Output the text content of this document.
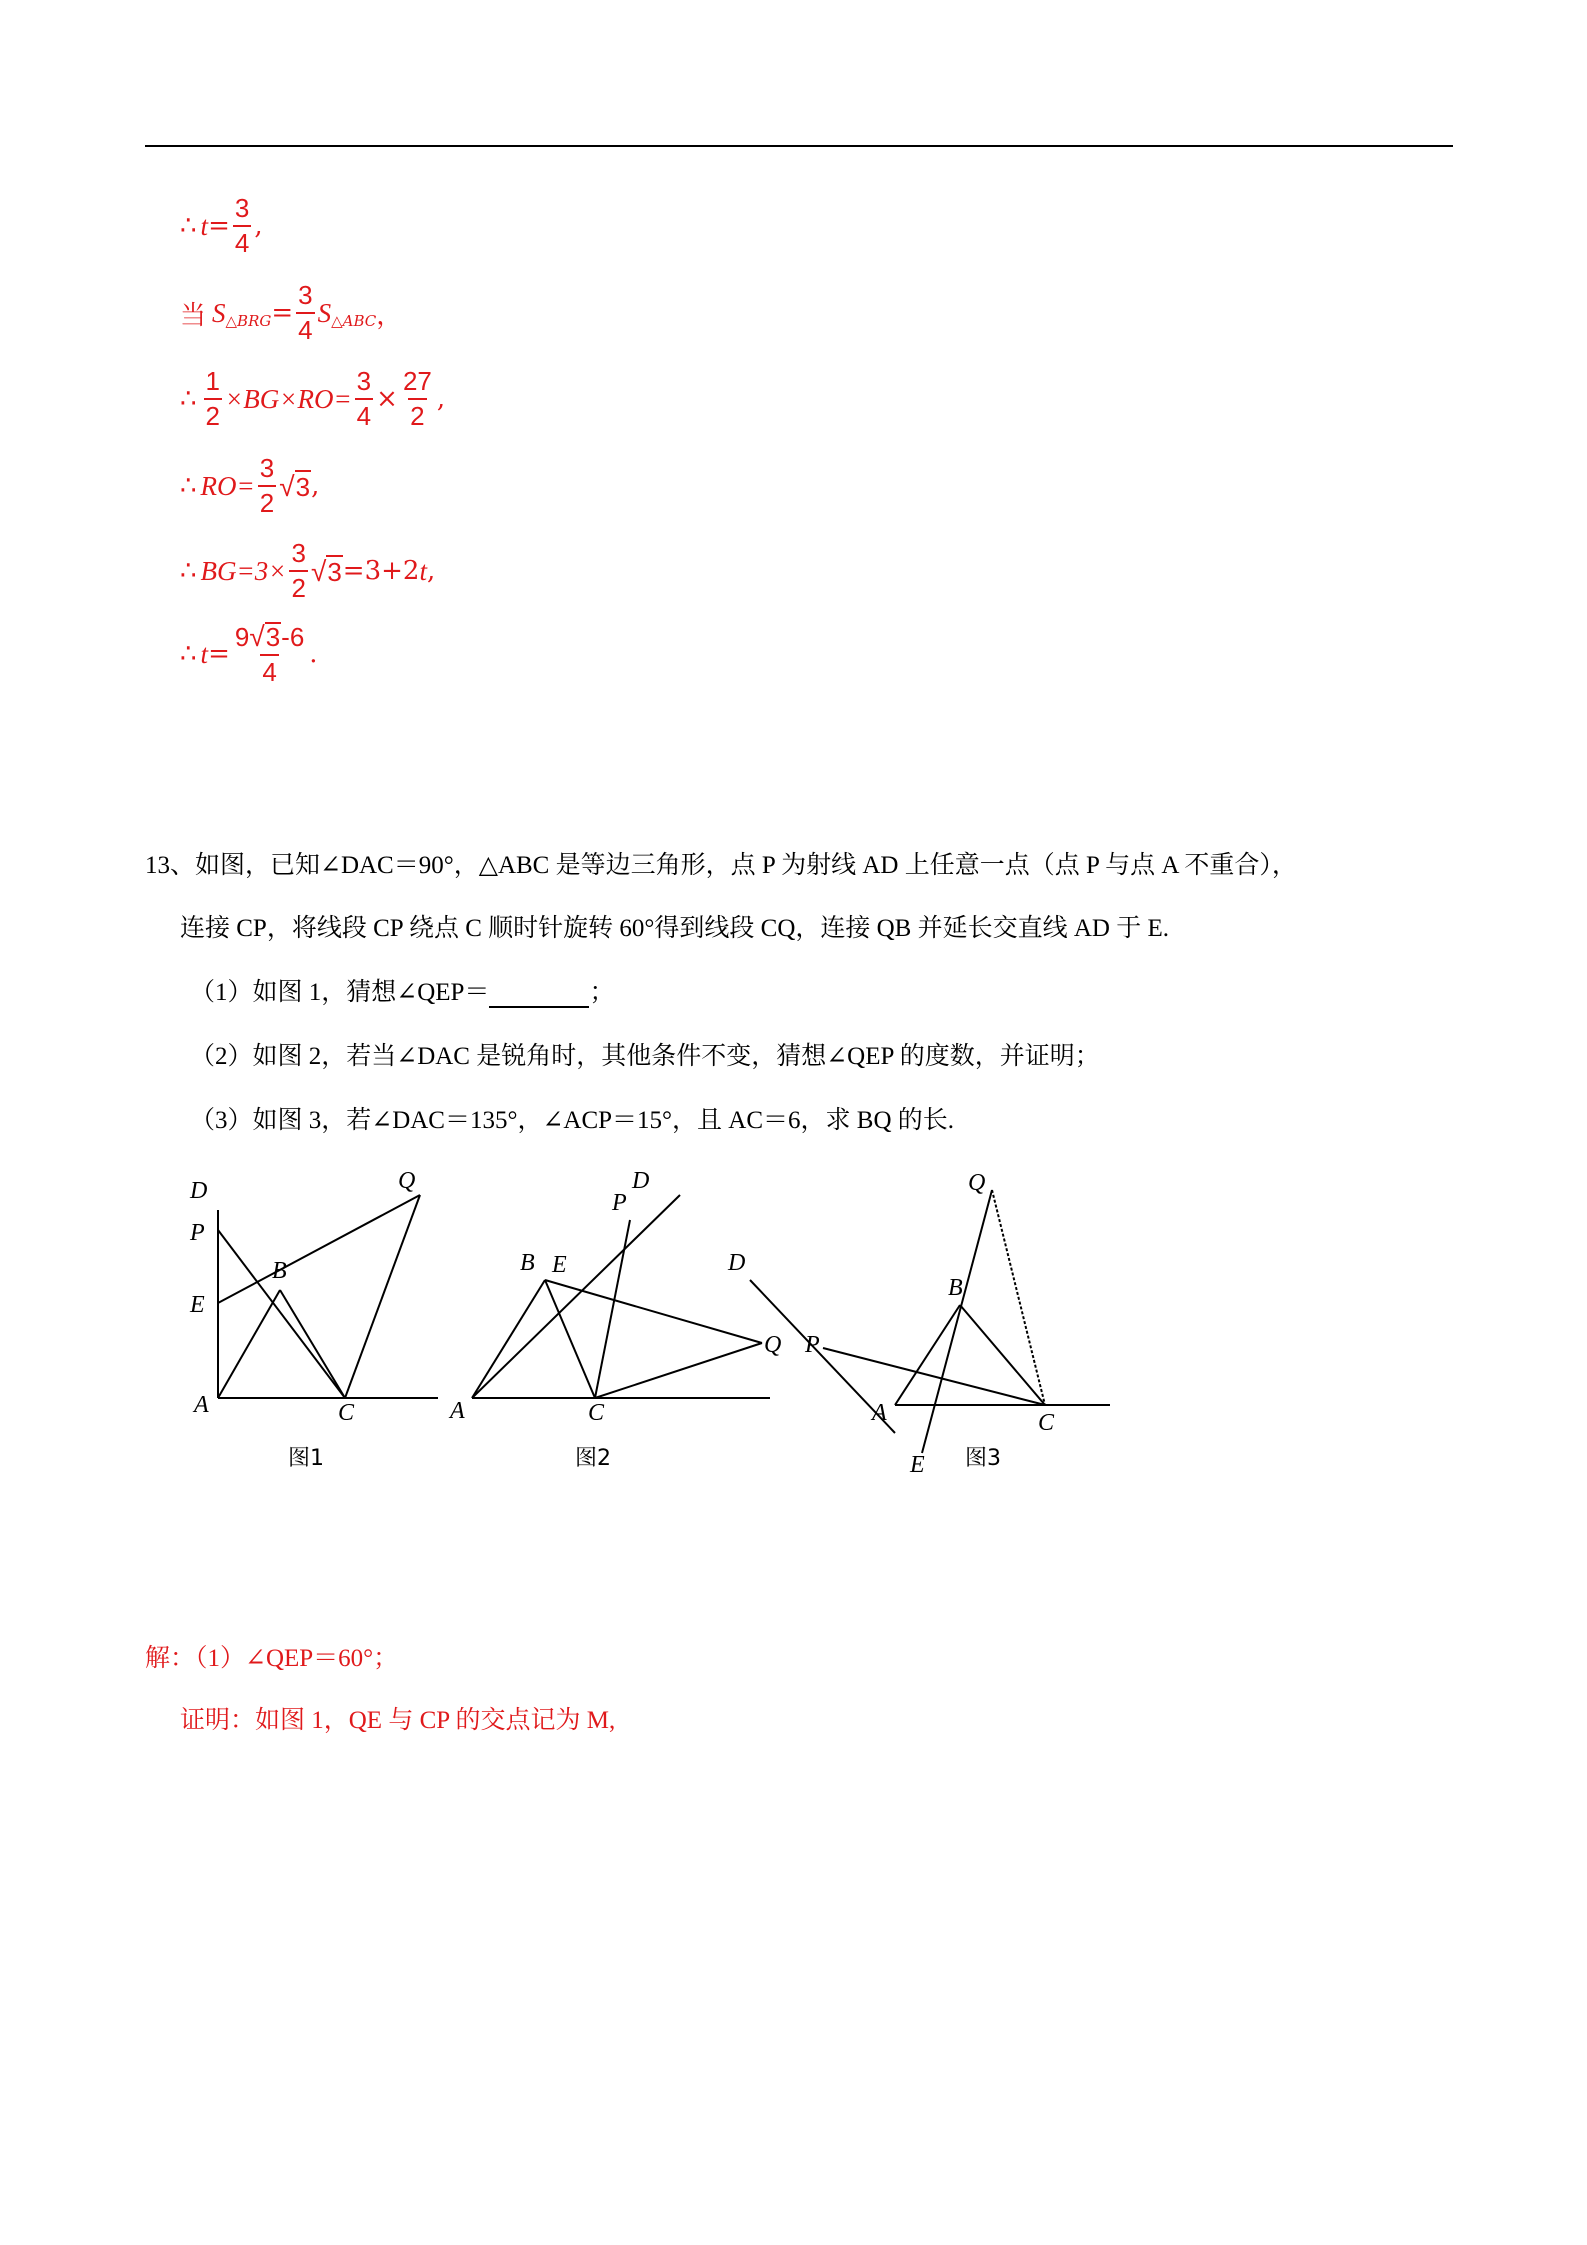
∴ $t = \frac{3}{4}$ ,
当 S △BRG = $\frac{3}{4}$ S △ABC ，
∴ $\frac{1}{2} \times BG\times RO= \frac{3}{4} \times \frac{27}{2}$ ,
∴ $RO= \frac{3}{2}$ √ 3 ,
∴ $BG=3\times \frac{3}{2}$ √ 3 =3+2 t ,
∴ $t = \frac{9 √ 3 -6}{4}$ .
13、如图，已知∠DAC＝90°，△ABC 是等边三角形，点 P 为射线 AD 上任意一点（点 P 与点 A 不重合），
连接 CP，将线段 CP 绕点 C 顺时针旋转 60°得到线段 CQ，连接 QB 并延长交直线 AD 于 E.
（1）如图 1，猜想∠QEP＝	；
（2）如图 2，若当∠DAC 是锐角时，其他条件不变，猜想∠QEP 的度数，并证明；
（3）如图 3，若∠DAC＝135°，∠ACP＝15°，且 AC＝6，求 BQ 的长.
D
P
E
A
B
C
Q
图1
A
B E
C
P
D
Q
图2
D
P
A
E
C
B
Q
图3
解：（1）∠QEP＝60°；
证明：如图 1，QE 与 CP 的交点记为 M,
